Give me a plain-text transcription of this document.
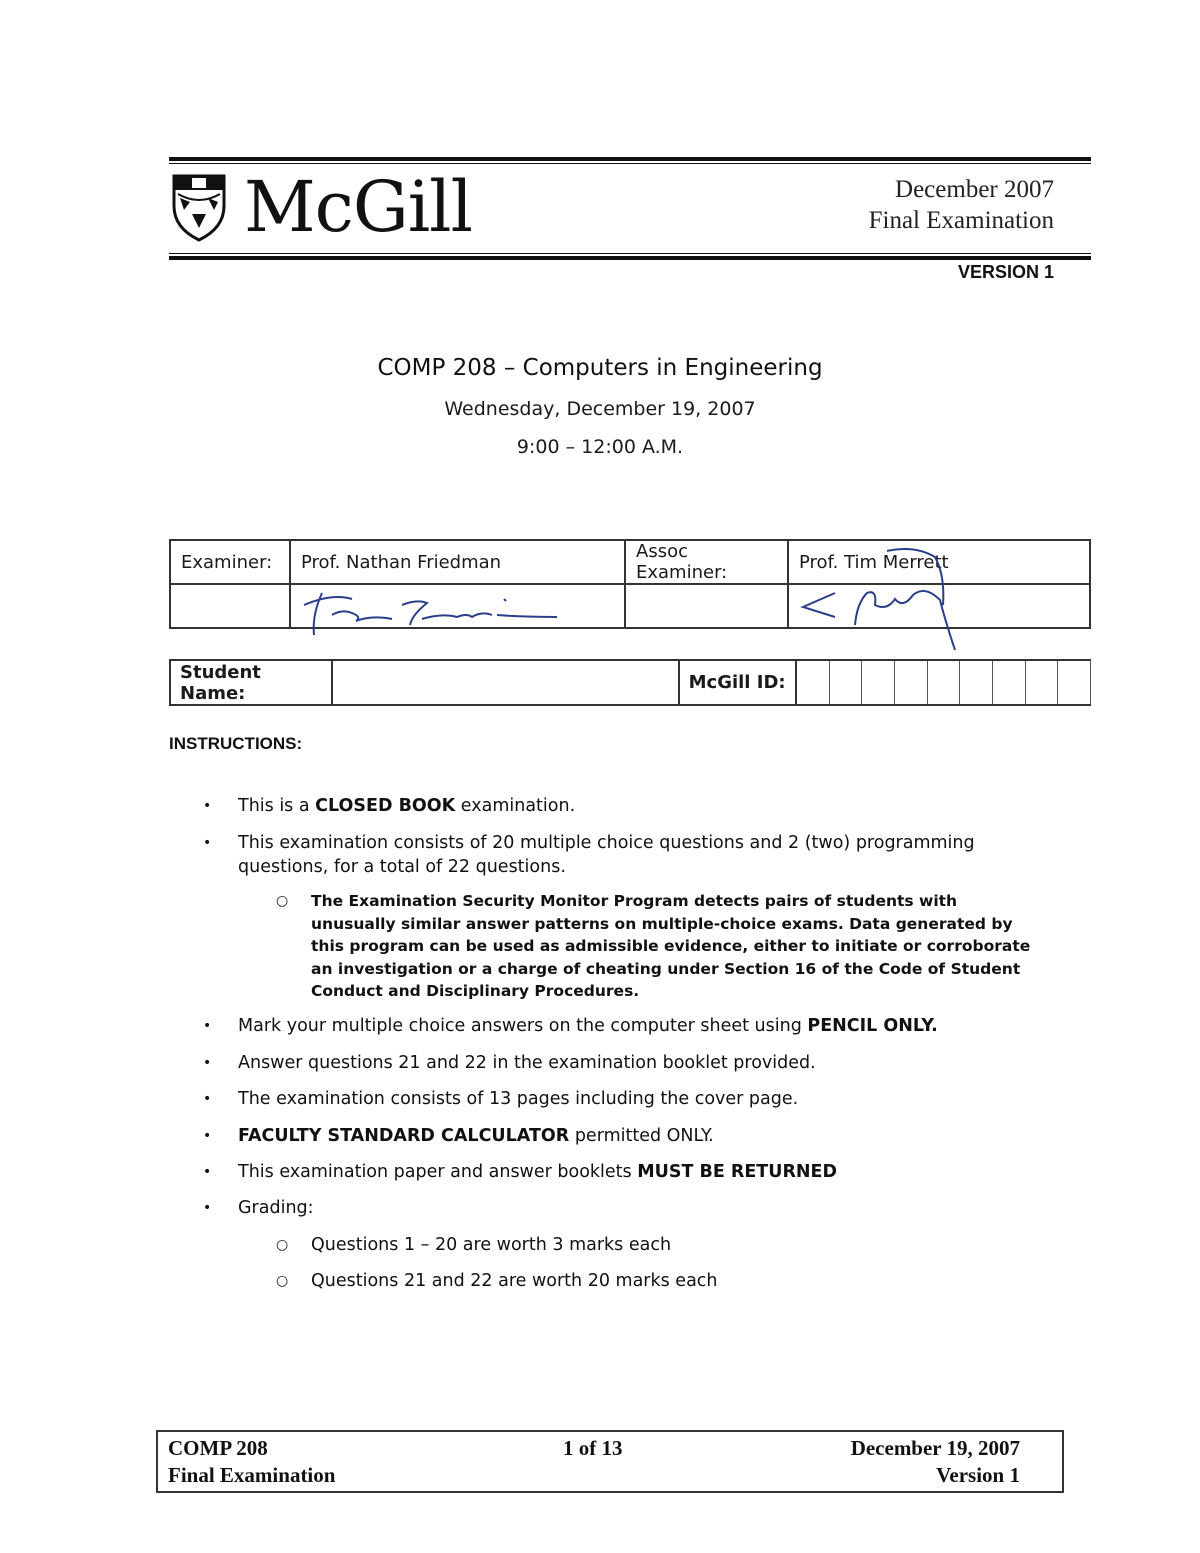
McGill	December 2007
Final Examination
VERSION 1
COMP 208 – Computers in Engineering
Wednesday, December 19, 2007
9:00 – 12:00 A.M.
Examiner:	Prof. Nathan Friedman	Assoc Examiner:	Prof. Tim Merrett

Student Name:		McGill ID:									
INSTRUCTIONS:
• This is a CLOSED BOOK examination.
• This examination consists of 20 multiple choice questions and 2 (two) programming questions, for a total of 22 questions.
○ The Examination Security Monitor Program detects pairs of students with unusually similar answer patterns on multiple-choice exams. Data generated by this program can be used as admissible evidence, either to initiate or corroborate an investigation or a charge of cheating under Section 16 of the Code of Student Conduct and Disciplinary Procedures.
• Mark your multiple choice answers on the computer sheet using PENCIL ONLY.
• Answer questions 21 and 22 in the examination booklet provided.
• The examination consists of 13 pages including the cover page.
• FACULTY STANDARD CALCULATOR permitted ONLY.
• This examination paper and answer booklets MUST BE RETURNED
• Grading:
○ Questions 1 – 20 are worth 3 marks each
○ Questions 21 and 22 are worth 20 marks each
COMP 208
Final Examination
1 of 13	December 19, 2007
Version 1
